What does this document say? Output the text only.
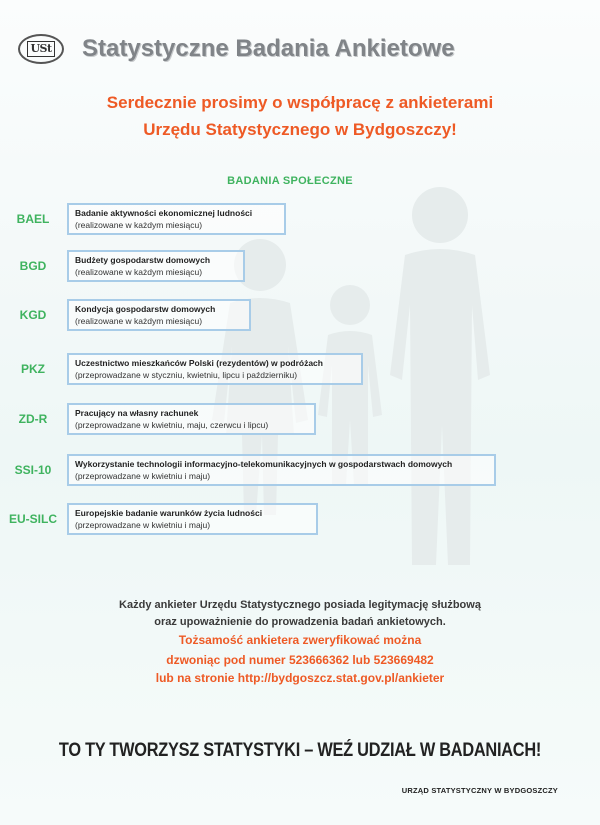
USt Statystyczne Badania Ankietowe
Serdecznie prosimy o współpracę z ankieterami
Urzędu Statystycznego w Bydgoszczy!
BADANIA SPOŁECZNE
BAEL	Badanie aktywności ekonomicznej ludności
(realizowane w każdym miesiącu)
BGD	Budżety gospodarstw domowych
(realizowane w każdym miesiącu)
KGD	Kondycja gospodarstw domowych
(realizowane w każdym miesiącu)
PKZ	Uczestnictwo mieszkańców Polski (rezydentów) w podróżach
(przeprowadzane w styczniu, kwietniu, lipcu i październiku)
ZD-R	Pracujący na własny rachunek
(przeprowadzane w kwietniu, maju, czerwcu i lipcu)
SSI-10	Wykorzystanie technologii informacyjno-telekomunikacyjnych w gospodarstwach domowych
(przeprowadzane w kwietniu i maju)
EU-SILC	Europejskie badanie warunków życia ludności
(przeprowadzane w kwietniu i maju)
Każdy ankieter Urzędu Statystycznego posiada legitymację służbową
oraz upoważnienie do prowadzenia badań ankietowych.
Tożsamość ankietera zweryfikować można
dzwoniąc pod numer 523666362 lub 523669482
lub na stronie http://bydgoszcz.stat.gov.pl/ankieter
TO TY TWORZYSZ STATYSTYKI – WEŹ UDZIAŁ W BADANIACH!
URZĄD STATYSTYCZNY W BYDGOSZCZY
